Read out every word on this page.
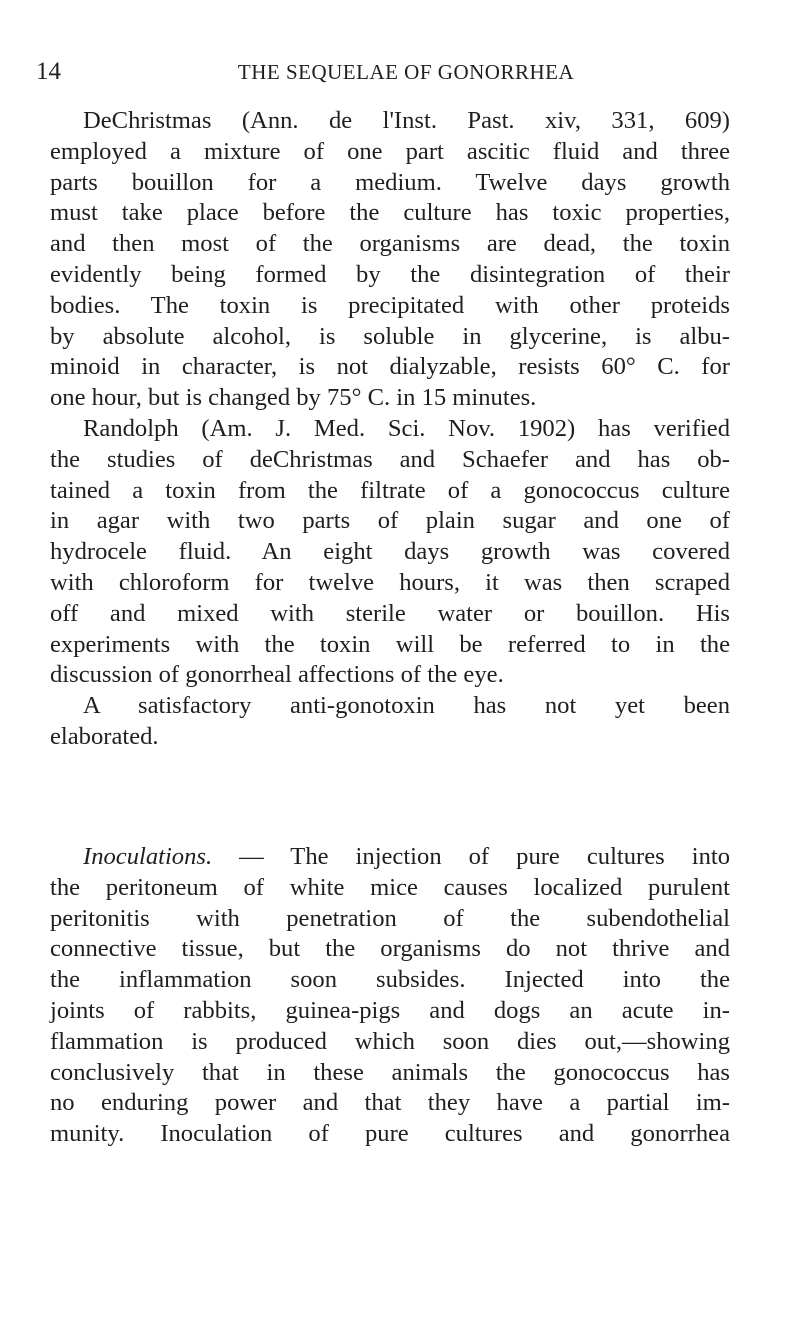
14	THE SEQUELAE OF GONORRHEA
DeChristmas (Ann. de l'Inst. Past. xiv, 331, 609)
employed a mixture of one part ascitic fluid and three
parts bouillon for a medium. Twelve days growth
must take place before the culture has toxic properties,
and then most of the organisms are dead, the toxin
evidently being formed by the disintegration of their
bodies. The toxin is precipitated with other proteids
by absolute alcohol, is soluble in glycerine, is albu-
minoid in character, is not dialyzable, resists 60° C. for
one hour, but is changed by 75° C. in 15 minutes.
Randolph (Am. J. Med. Sci. Nov. 1902) has verified
the studies of deChristmas and Schaefer and has ob-
tained a toxin from the filtrate of a gonococcus culture
in agar with two parts of plain sugar and one of
hydrocele fluid. An eight days growth was covered
with chloroform for twelve hours, it was then scraped
off and mixed with sterile water or bouillon. His
experiments with the toxin will be referred to in the
discussion of gonorrheal affections of the eye.
A satisfactory anti-gonotoxin has not yet been
elaborated.
Inoculations. — The injection of pure cultures into
the peritoneum of white mice causes localized purulent
peritonitis with penetration of the subendothelial
connective tissue, but the organisms do not thrive and
the inflammation soon subsides. Injected into the
joints of rabbits, guinea-pigs and dogs an acute in-
flammation is produced which soon dies out,—showing
conclusively that in these animals the gonococcus has
no enduring power and that they have a partial im-
munity. Inoculation of pure cultures and gonorrhea
